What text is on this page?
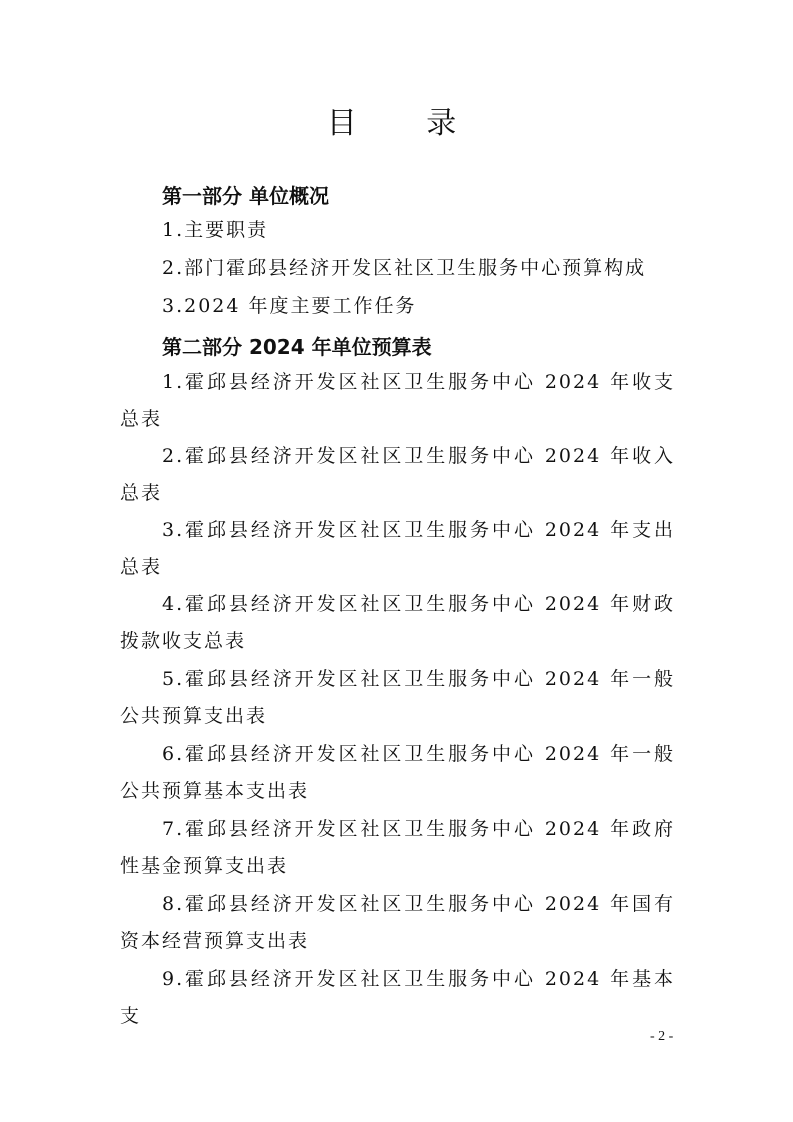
目 录
第一部分 单位概况
1.主要职责
2.部门霍邱县经济开发区社区卫生服务中心预算构成
3.2024 年度主要工作任务
第二部分 2024 年单位预算表
1.霍邱县经济开发区社区卫生服务中心 2024 年收支总表
2.霍邱县经济开发区社区卫生服务中心 2024 年收入总表
3.霍邱县经济开发区社区卫生服务中心 2024 年支出总表
4.霍邱县经济开发区社区卫生服务中心 2024 年财政拨款收支总表
5.霍邱县经济开发区社区卫生服务中心 2024 年一般公共预算支出表
6.霍邱县经济开发区社区卫生服务中心 2024 年一般公共预算基本支出表
7.霍邱县经济开发区社区卫生服务中心 2024 年政府性基金预算支出表
8.霍邱县经济开发区社区卫生服务中心 2024 年国有资本经营预算支出表
9.霍邱县经济开发区社区卫生服务中心 2024 年基本支
- 2 -
